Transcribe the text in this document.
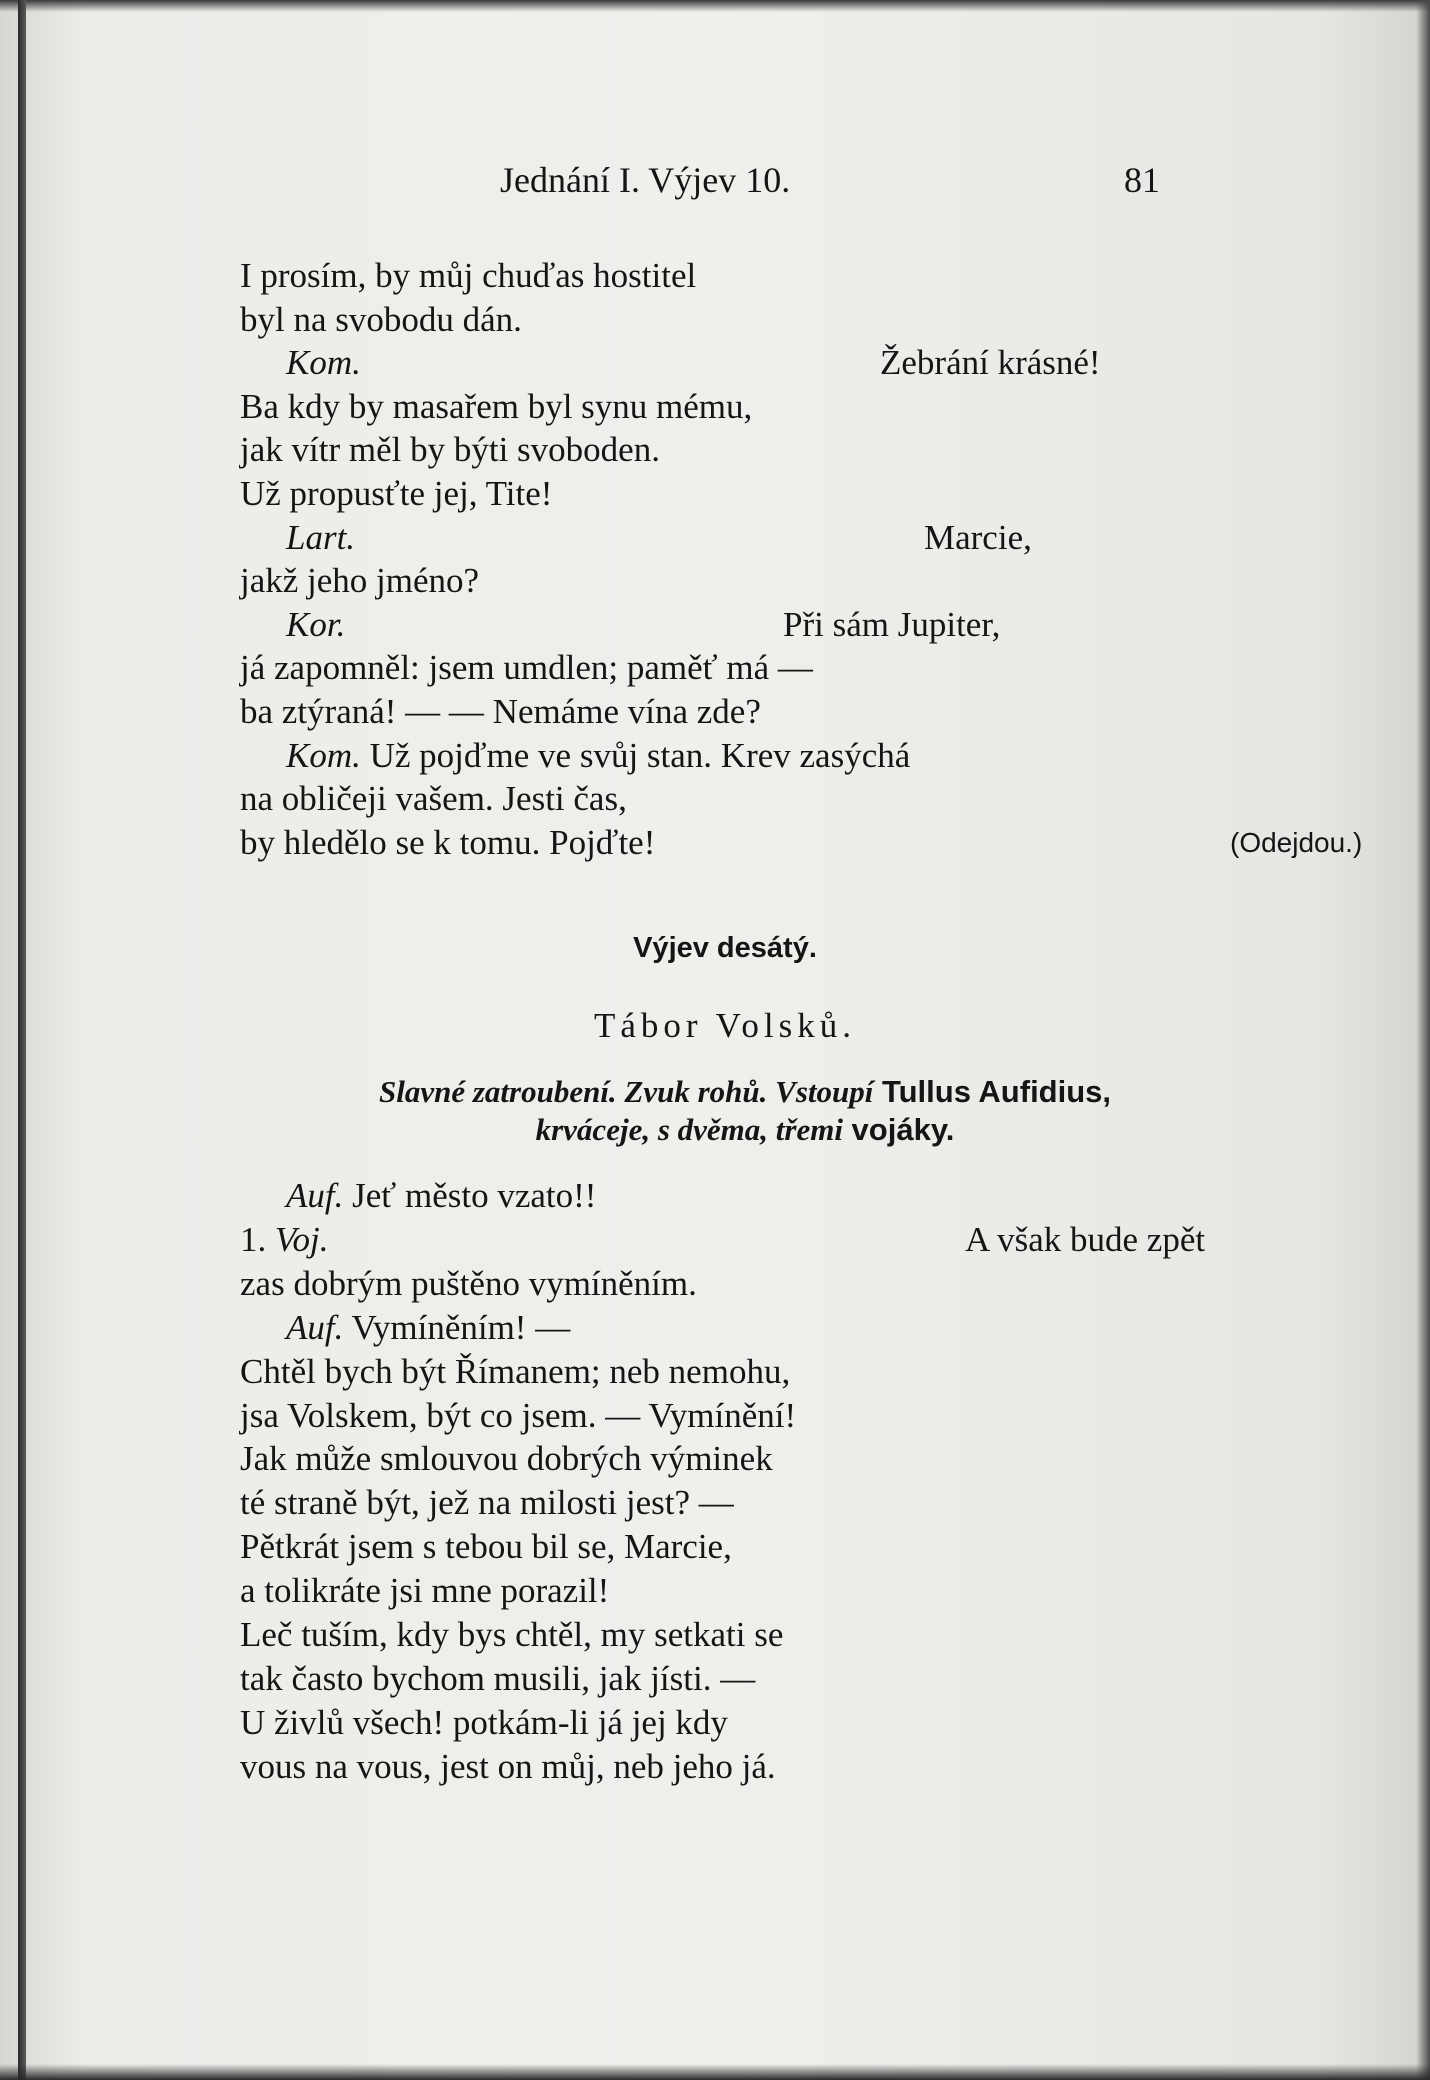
Jednání I. Výjev 10.	81
I prosím, by můj chuďas hostitel
byl na svobodu dán.
Kom.	Žebrání krásné!
Ba kdy by masařem byl synu mému,
jak vítr měl by býti svoboden.
Už propusťte jej, Tite!
Lart.	Marcie,
jakž jeho jméno?
Kor.	Při sám Jupiter,
já zapomněl: jsem umdlen; paměť má —
ba ztýraná! — — Nemáme vína zde?
Kom. Už pojďme ve svůj stan. Krev zasýchá
na obličeji vašem. Jesti čas,
by hledělo se k tomu. Pojďte!	(Odejdou.)
Výjev desátý.
Tábor Volsků.
Slavné zatroubení. Zvuk rohů. Vstoupí Tullus Aufidius,
krváceje, s dvěma, třemi vojáky.
Auf. Jeť město vzato!!
1. Voj.	A však bude zpět
zas dobrým puštěno vymíněním.
Auf. Vymíněním! —
Chtěl bych být Římanem; neb nemohu,
jsa Volskem, být co jsem. — Vymínění!
Jak může smlouvou dobrých výminek
té straně být, jež na milosti jest? —
Pětkrát jsem s tebou bil se, Marcie,
a tolikráte jsi mne porazil!
Leč tuším, kdy bys chtěl, my setkati se
tak často bychom musili, jak jísti. —
U živlů všech! potkám-li já jej kdy
vous na vous, jest on můj, neb jeho já.
